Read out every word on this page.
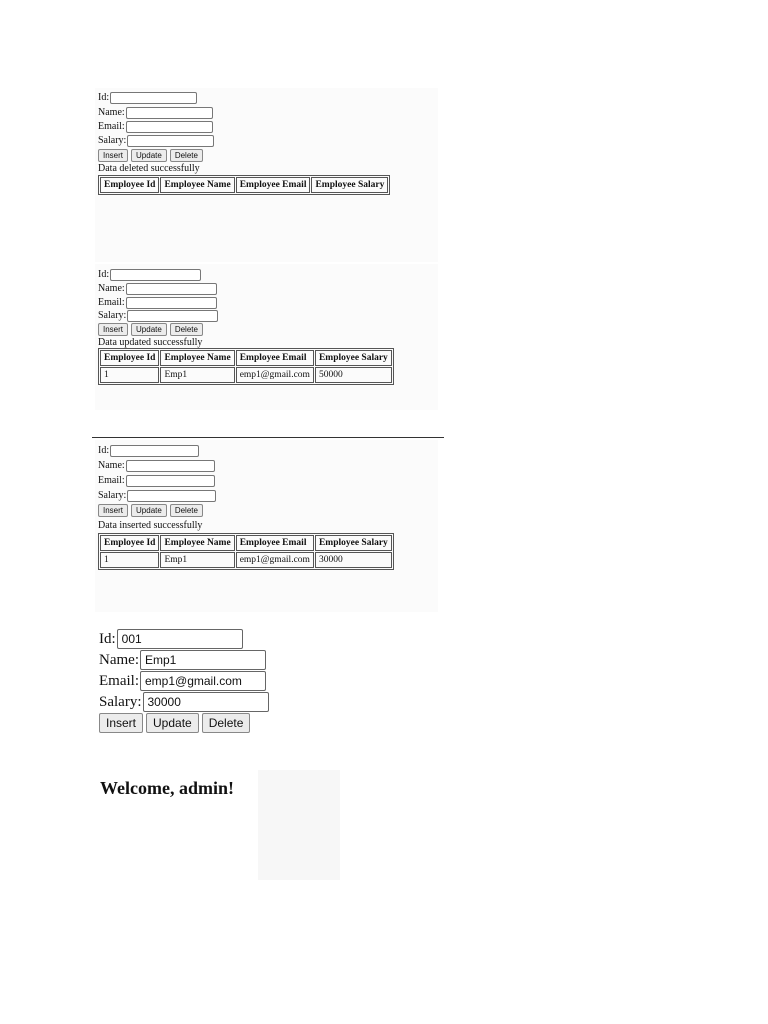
Id:
Name:
Email:
Salary:
Insert	Update	Delete
Data deleted successfully
Employee Id	Employee Name	Employee Email	Employee Salary
Id:
Name:
Email:
Salary:
Insert	Update	Delete
Data updated successfully
Employee Id	Employee Name	Employee Email	Employee Salary
1	Emp1	emp1@gmail.com	50000
Id:
Name:
Email:
Salary:
Insert	Update	Delete
Data inserted successfully
Employee Id	Employee Name	Employee Email	Employee Salary
1	Emp1	emp1@gmail.com	30000
Id: 001
Name: Emp1
Email: emp1@gmail.com
Salary: 30000
Insert	Update	Delete
Welcome, admin!
